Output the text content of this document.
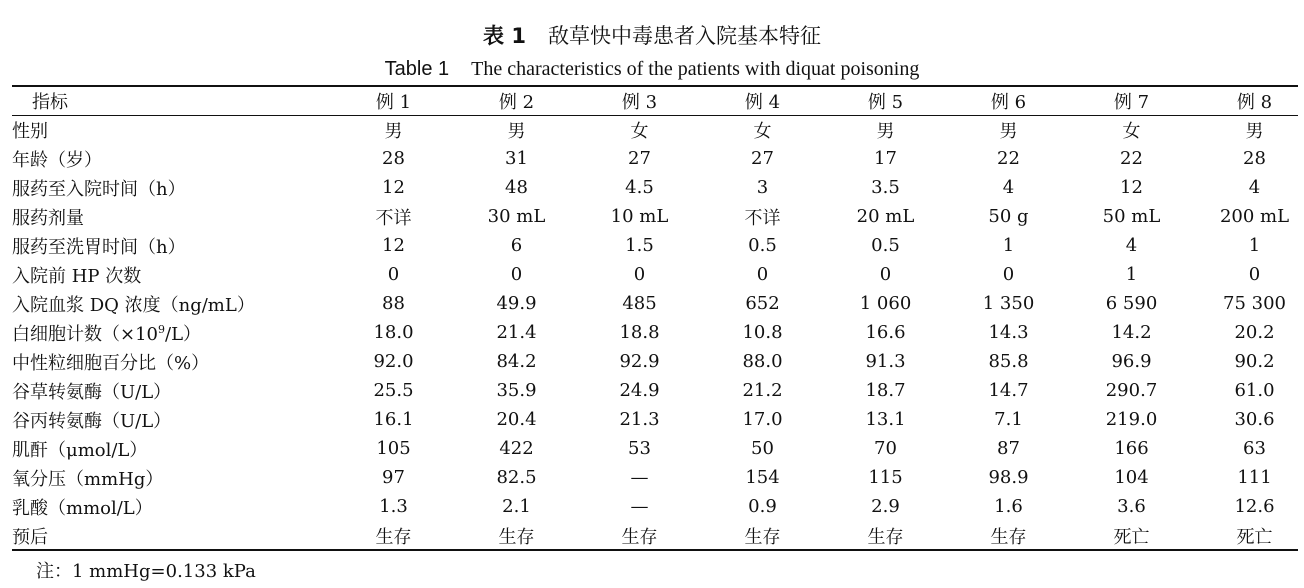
表 1 敌草快中毒患者入院基本特征
Table 1 The characteristics of the patients with diquat poisoning
指标	例 1	例 2	例 3	例 4	例 5	例 6	例 7	例 8
性别	男	男	女	女	男	男	女	男
年龄（岁）	28	31	27	27	17	22	22	28
服药至入院时间（h）	12	48	4.5	3	3.5	4	12	4
服药剂量	不详	30 mL	10 mL	不详	20 mL	50 g	50 mL	200 mL
服药至洗胃时间（h）	12	6	1.5	0.5	0.5	1	4	1
入院前 HP 次数	0	0	0	0	0	0	1	0
入院血浆 DQ 浓度（ng/mL）	88	49.9	485	652	1 060	1 350	6 590	75 300
白细胞计数$(\times 10^9/L)$	18.0	21.4	18.8	10.8	16.6	14.3	14.2	20.2
中性粒细胞百分比（%）	92.0	84.2	92.9	88.0	91.3	85.8	96.9	90.2
谷草转氨酶（U/L）	25.5	35.9	24.9	21.2	18.7	14.7	290.7	61.0
谷丙转氨酶（U/L）	16.1	20.4	21.3	17.0	13.1	7.1	219.0	30.6
肌酐（μmol/L）	105	422	53	50	70	87	166	63
氧分压（mmHg）	97	82.5	—	154	115	98.9	104	111
乳酸（mmol/L）	1.3	2.1	—	0.9	2.9	1.6	3.6	12.6
预后	生存	生存	生存	生存	生存	生存	死亡	死亡
注：1 mmHg=0.133 kPa
